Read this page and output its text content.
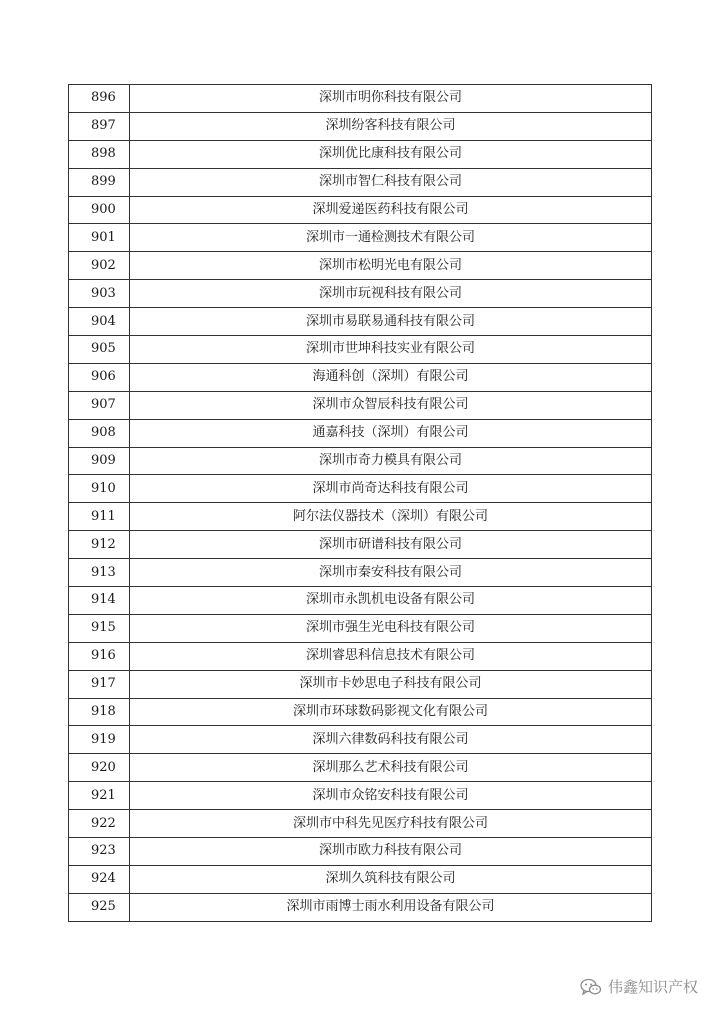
896	深圳市明你科技有限公司
897	深圳纷客科技有限公司
898	深圳优比康科技有限公司
899	深圳市智仁科技有限公司
900	深圳爱递医药科技有限公司
901	深圳市一通检测技术有限公司
902	深圳市松明光电有限公司
903	深圳市玩视科技有限公司
904	深圳市易联易通科技有限公司
905	深圳市世坤科技实业有限公司
906	海通科创（深圳）有限公司
907	深圳市众智辰科技有限公司
908	通嘉科技（深圳）有限公司
909	深圳市奇力模具有限公司
910	深圳市尚奇达科技有限公司
911	阿尔法仪器技术（深圳）有限公司
912	深圳市研谱科技有限公司
913	深圳市秦安科技有限公司
914	深圳市永凯机电设备有限公司
915	深圳市强生光电科技有限公司
916	深圳睿思科信息技术有限公司
917	深圳市卡妙思电子科技有限公司
918	深圳市环球数码影视文化有限公司
919	深圳六律数码科技有限公司
920	深圳那么艺术科技有限公司
921	深圳市众铭安科技有限公司
922	深圳市中科先见医疗科技有限公司
923	深圳市欧力科技有限公司
924	深圳久筑科技有限公司
925	深圳市雨博士雨水利用设备有限公司
伟鑫知识产权
